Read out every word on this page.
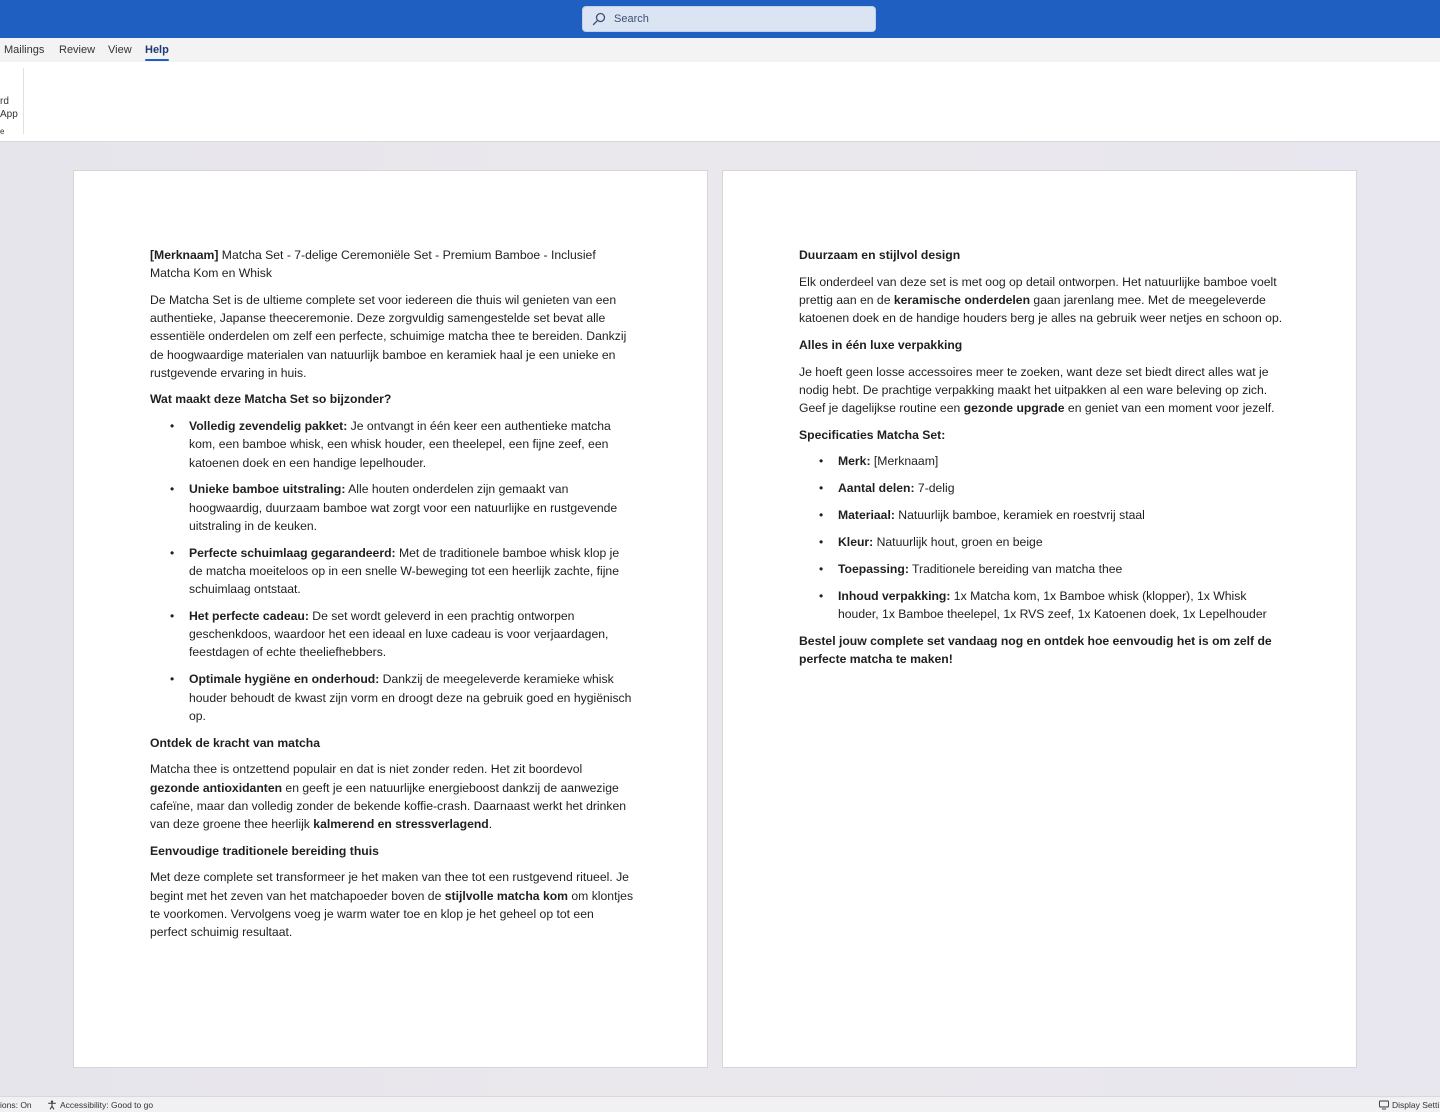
Search
Mailings Review View Help
rd
App
e

[Merknaam] Matcha Set - 7-delige Ceremoniële Set - Premium Bamboe - Inclusief Matcha Kom en Whisk

De Matcha Set is de ultieme complete set voor iedereen die thuis wil genieten van een authentieke, Japanse theeceremonie. Deze zorgvuldig samengestelde set bevat alle essentiële onderdelen om zelf een perfecte, schuimige matcha thee te bereiden. Dankzij de hoogwaardige materialen van natuurlijk bamboe en keramiek haal je een unieke en rustgevende ervaring in huis.

Wat maakt deze Matcha Set so bijzonder?

• Volledig zevendelig pakket: Je ontvangt in één keer een authentieke matcha kom, een bamboe whisk, een whisk houder, een theelepel, een fijne zeef, een katoenen doek en een handige lepelhouder.
• Unieke bamboe uitstraling: Alle houten onderdelen zijn gemaakt van hoogwaardig, duurzaam bamboe wat zorgt voor een natuurlijke en rustgevende uitstraling in de keuken.
• Perfecte schuimlaag gegarandeerd: Met de traditionele bamboe whisk klop je de matcha moeiteloos op in een snelle W-beweging tot een heerlijk zachte, fijne schuimlaag ontstaat.
• Het perfecte cadeau: De set wordt geleverd in een prachtig ontworpen geschenkdoos, waardoor het een ideaal en luxe cadeau is voor verjaardagen, feestdagen of echte theeliefhebbers.
• Optimale hygiëne en onderhoud: Dankzij de meegeleverde keramieke whisk houder behoudt de kwast zijn vorm en droogt deze na gebruik goed en hygiënisch op.

Ontdek de kracht van matcha

Matcha thee is ontzettend populair en dat is niet zonder reden. Het zit boordevol gezonde antioxidanten en geeft je een natuurlijke energieboost dankzij de aanwezige cafeïne, maar dan volledig zonder de bekende koffie-crash. Daarnaast werkt het drinken van deze groene thee heerlijk kalmerend en stressverlagend.

Eenvoudige traditionele bereiding thuis

Met deze complete set transformeer je het maken van thee tot een rustgevend ritueel. Je begint met het zeven van het matchapoeder boven de stijlvolle matcha kom om klontjes te voorkomen. Vervolgens voeg je warm water toe en klop je het geheel op tot een perfect schuimig resultaat.

Duurzaam en stijlvol design

Elk onderdeel van deze set is met oog op detail ontworpen. Het natuurlijke bamboe voelt prettig aan en de keramische onderdelen gaan jarenlang mee. Met de meegeleverde katoenen doek en de handige houders berg je alles na gebruik weer netjes en schoon op.

Alles in één luxe verpakking

Je hoeft geen losse accessoires meer te zoeken, want deze set biedt direct alles wat je nodig hebt. De prachtige verpakking maakt het uitpakken al een ware beleving op zich. Geef je dagelijkse routine een gezonde upgrade en geniet van een moment voor jezelf.

Specificaties Matcha Set:

• Merk: [Merknaam]
• Aantal delen: 7-delig
• Materiaal: Natuurlijk bamboe, keramiek en roestvrij staal
• Kleur: Natuurlijk hout, groen en beige
• Toepassing: Traditionele bereiding van matcha thee
• Inhoud verpakking: 1x Matcha kom, 1x Bamboe whisk (klopper), 1x Whisk houder, 1x Bamboe theelepel, 1x RVS zeef, 1x Katoenen doek, 1x Lepelhouder

Bestel jouw complete set vandaag nog en ontdek hoe eenvoudig het is om zelf de perfecte matcha te maken!

ions: On	Accessibility: Good to go	Display Setti
